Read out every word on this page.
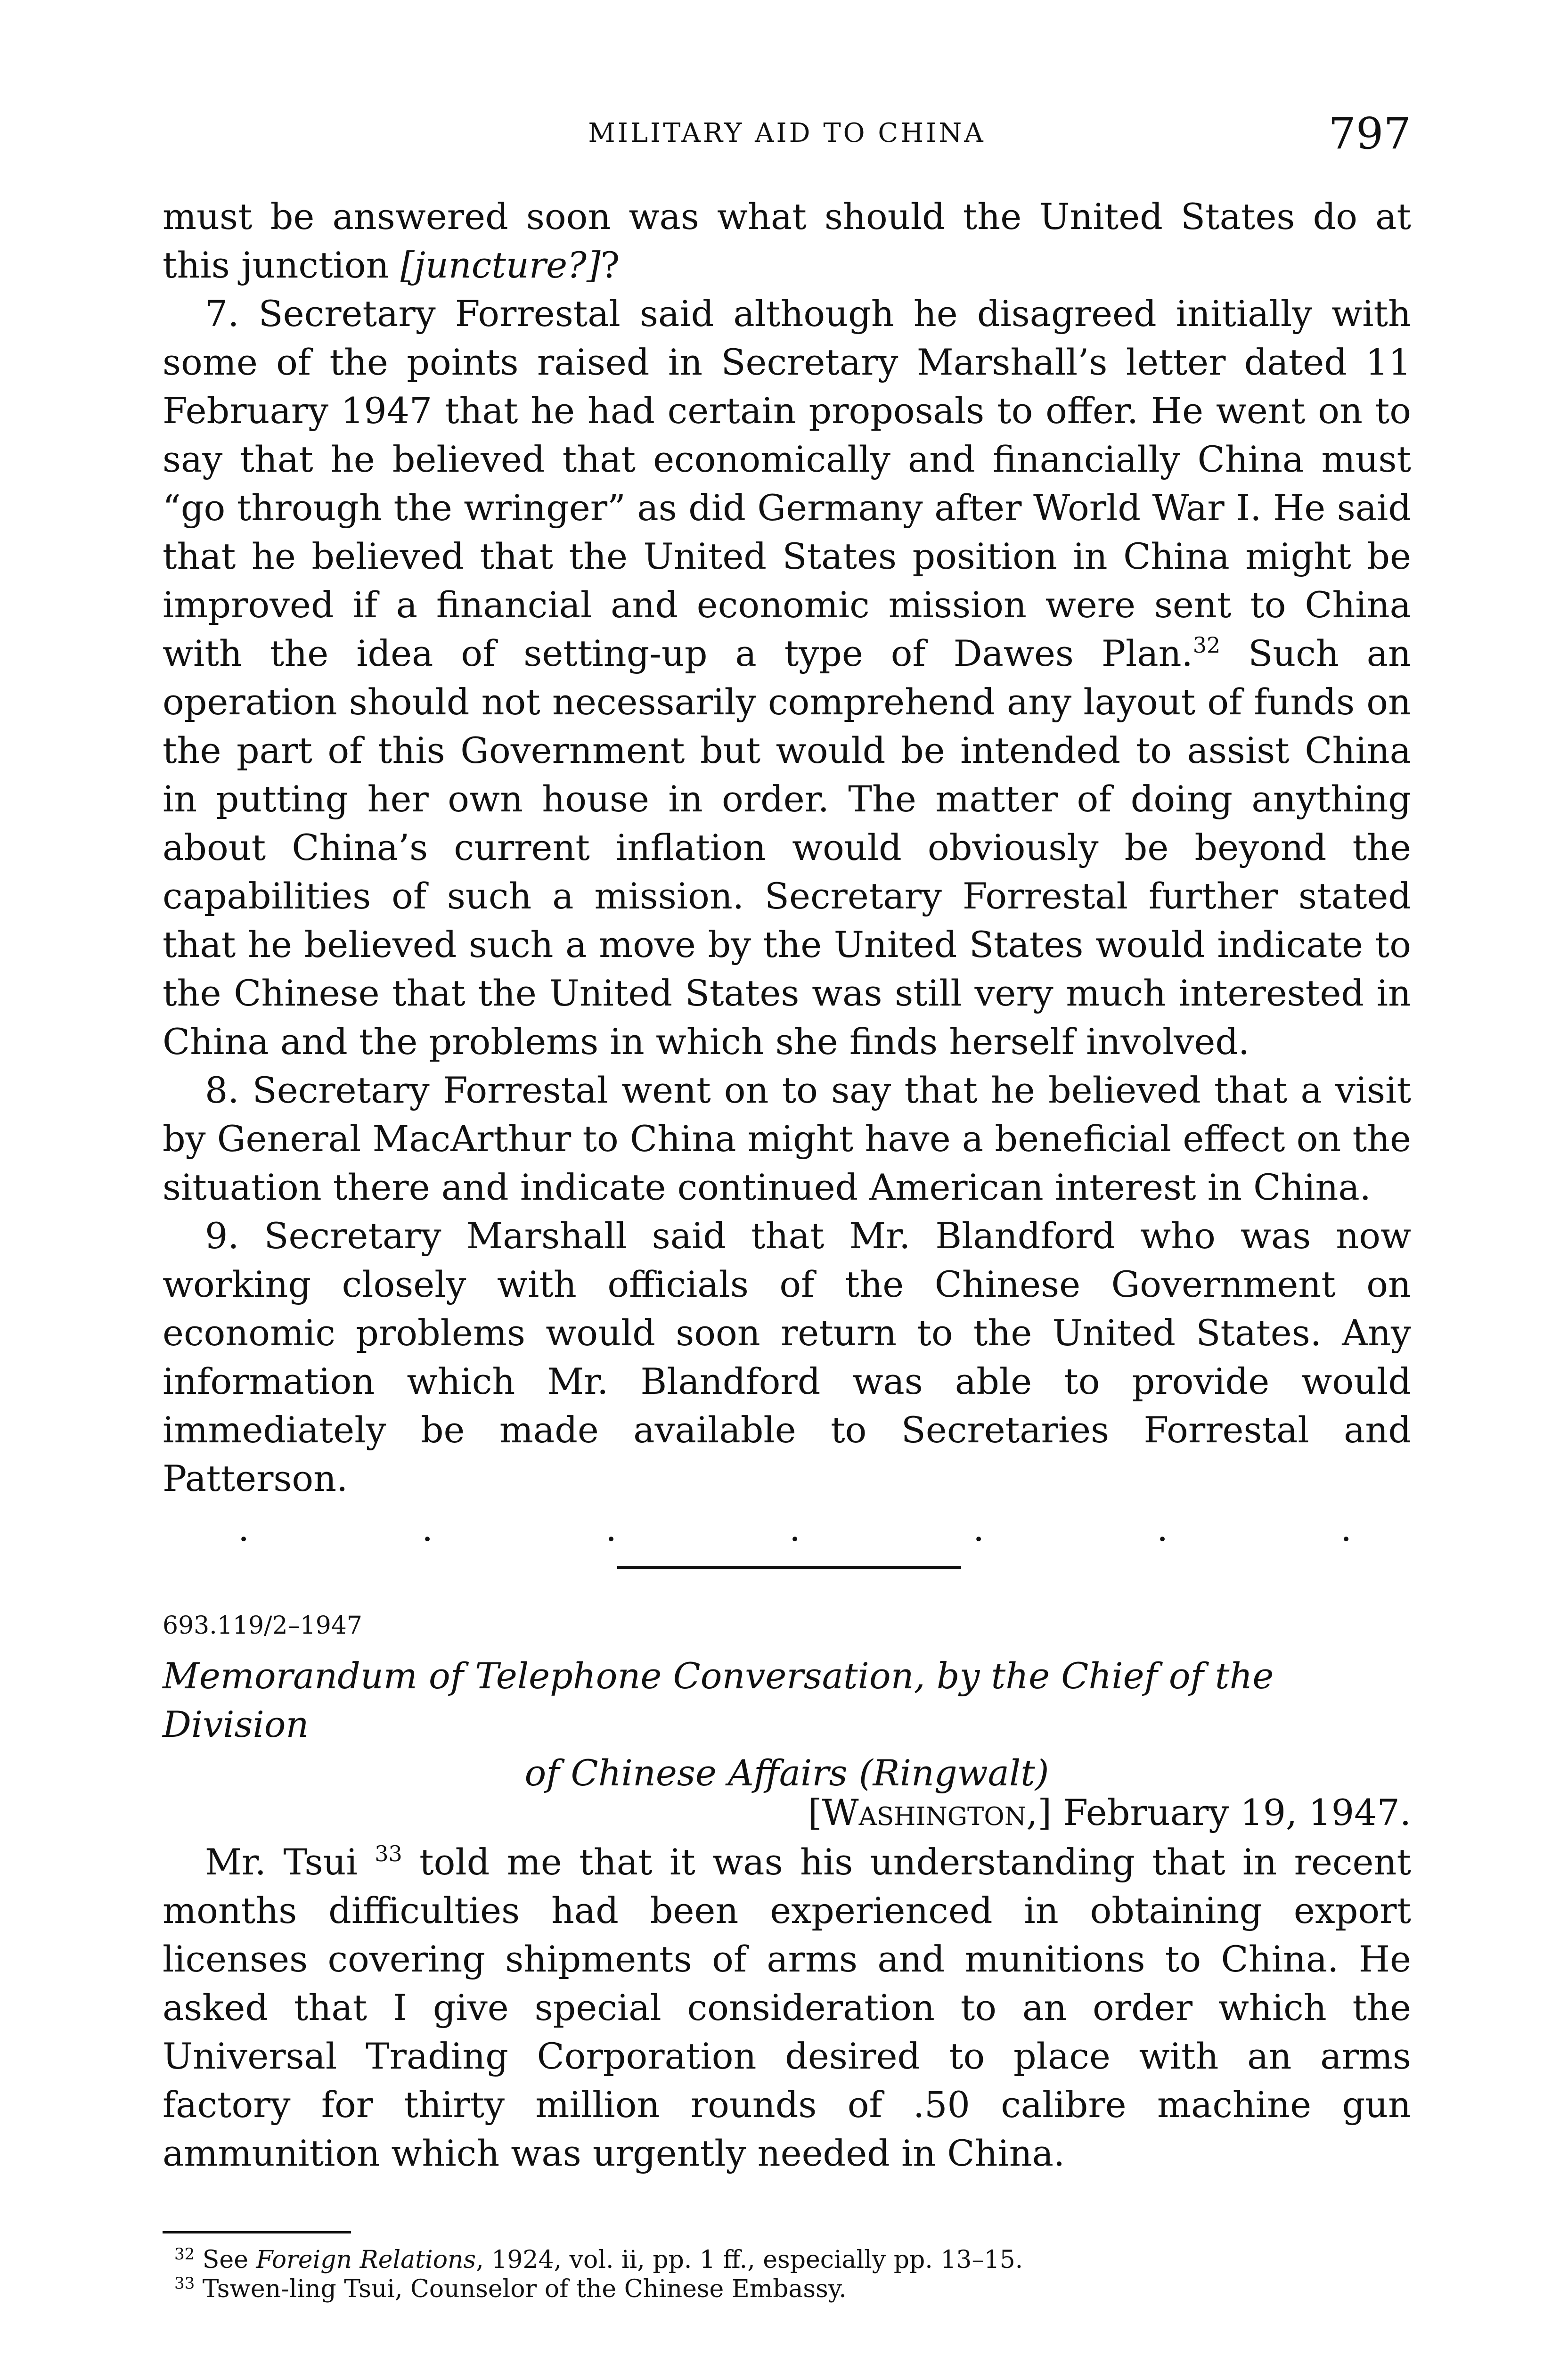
MILITARY AID TO CHINA	797

must be answered soon was what should the United States do at this junction [juncture?]?

7. Secretary Forrestal said although he disagreed initially with some of the points raised in Secretary Marshall’s letter dated 11 February 1947 that he had certain proposals to offer. He went on to say that he believed that economically and financially China must “go through the wringer” as did Germany after World War I. He said that he believed that the United States position in China might be improved if a financial and economic mission were sent to China with the idea of setting-up a type of Dawes Plan.$^{32}$ Such an operation should not necessarily comprehend any layout of funds on the part of this Government but would be intended to assist China in putting her own house in order. The matter of doing anything about China’s current inflation would obviously be beyond the capabilities of such a mission. Secretary Forrestal further stated that he believed such a move by the United States would indicate to the Chinese that the United States was still very much interested in China and the problems in which she finds herself involved.

8. Secretary Forrestal went on to say that he believed that a visit by General MacArthur to China might have a beneficial effect on the situation there and indicate continued American interest in China.

9. Secretary Marshall said that Mr. Blandford who was now working closely with officials of the Chinese Government on economic problems would soon return to the United States. Any information which Mr. Blandford was able to provide would immediately be made available to Secretaries Forrestal and Patterson.

.	.	.	.	.	.	.
693.119/2–1947
Memorandum of Telephone Conversation, by the Chief of the Division
of Chinese Affairs (Ringwalt)
[Washington,] February 19, 1947.

Mr. Tsui $^{33}$ told me that it was his understanding that in recent months difficulties had been experienced in obtaining export licenses covering shipments of arms and munitions to China. He asked that I give special consideration to an order which the Universal Trading Corporation desired to place with an arms factory for thirty million rounds of .50 calibre machine gun ammunition which was urgently needed in China.

$^{32}$ See Foreign Relations, 1924, vol. ii, pp. 1 ff., especially pp. 13–15.
$^{33}$ Tswen-ling Tsui, Counselor of the Chinese Embassy.
